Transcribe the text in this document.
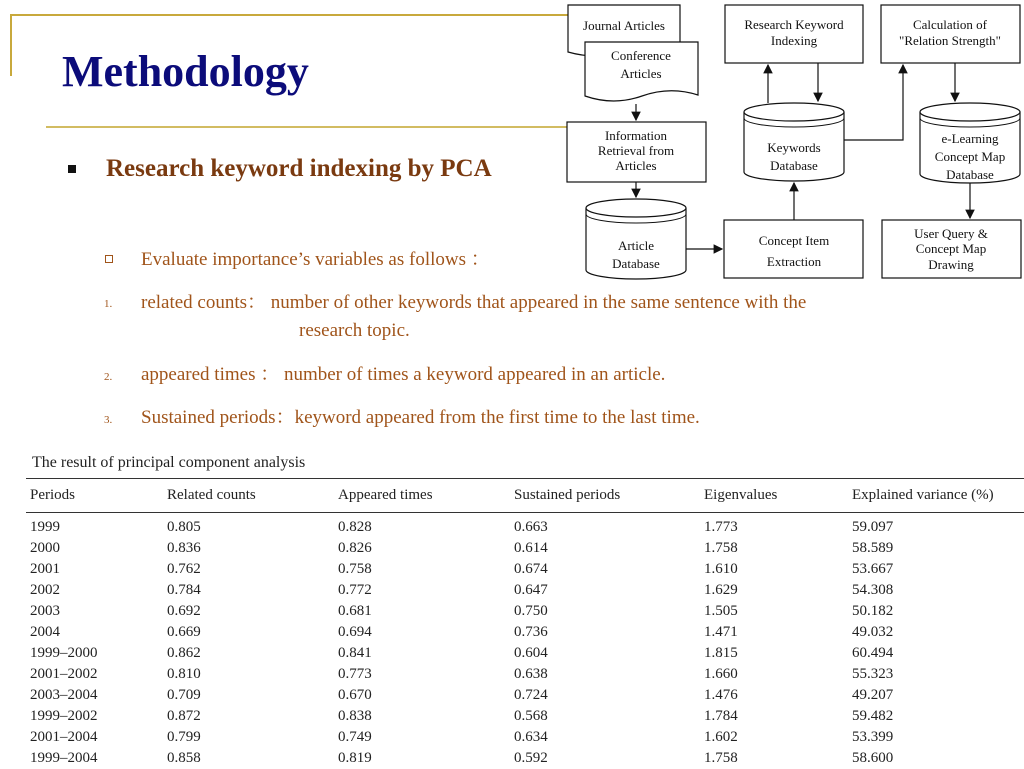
Methodology
Research keyword indexing by PCA
Evaluate importance’s variables as follows ：
1. related counts： number of other keywords that appeared in the same sentence with the
research topic.
2. appeared times ： number of times a keyword appeared in an article.
3. Sustained periods：keyword appeared from the first time to the last time.
Journal Articles
Conference
Articles
Information
Retrieval from
Articles
Article
Database
Research Keyword
Indexing
Keywords
Database
Concept Item
Extraction
Calculation of
"Relation Strength"
e-Learning
Concept Map
Database
User Query &
Concept Map
Drawing
The result of principal component analysis
Periods	Related counts	Appeared times	Sustained periods	Eigenvalues	Explained variance (%)
1999	0.805	0.828	0.663	1.773	59.097
2000	0.836	0.826	0.614	1.758	58.589
2001	0.762	0.758	0.674	1.610	53.667
2002	0.784	0.772	0.647	1.629	54.308
2003	0.692	0.681	0.750	1.505	50.182
2004	0.669	0.694	0.736	1.471	49.032
1999–2000	0.862	0.841	0.604	1.815	60.494
2001–2002	0.810	0.773	0.638	1.660	55.323
2003–2004	0.709	0.670	0.724	1.476	49.207
1999–2002	0.872	0.838	0.568	1.784	59.482
2001–2004	0.799	0.749	0.634	1.602	53.399
1999–2004	0.858	0.819	0.592	1.758	58.600
